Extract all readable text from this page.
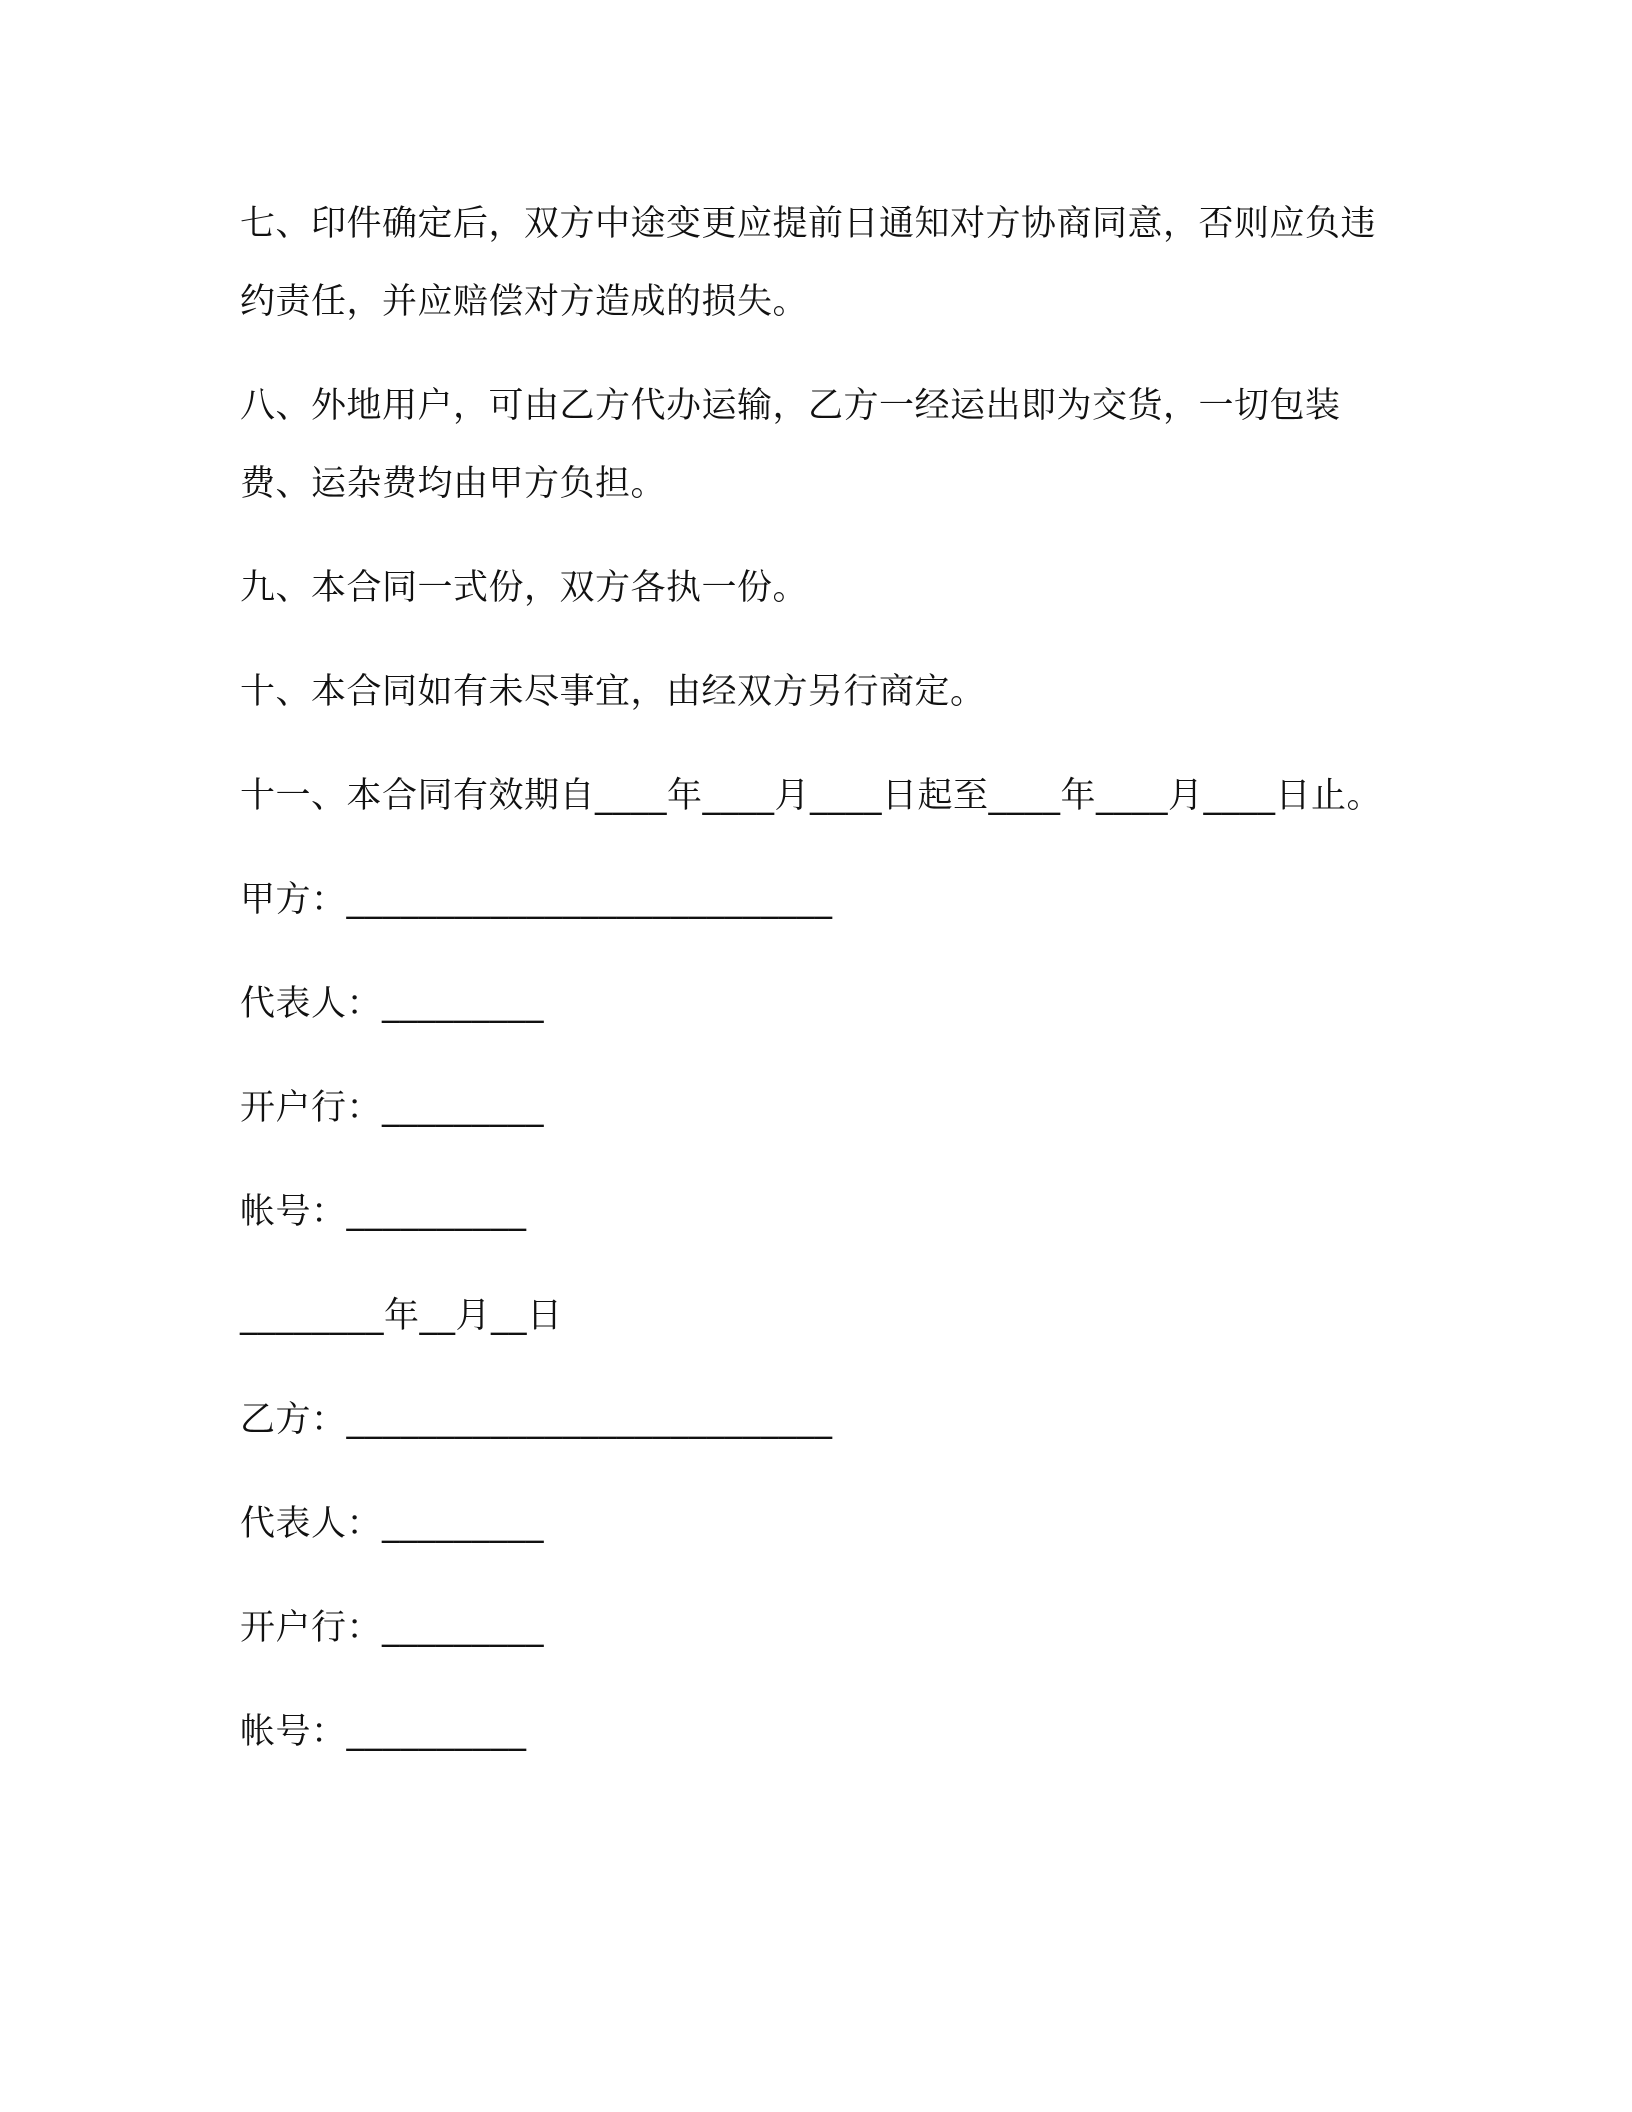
七、印件确定后，双方中途变更应提前日通知对方协商同意，否则应负违约责任，并应赔偿对方造成的损失。

八、外地用户，可由乙方代办运输，乙方一经运出即为交货，一切包装费、运杂费均由甲方负担。

九、本合同一式份，双方各执一份。

十、本合同如有未尽事宜，由经双方另行商定。

十一、本合同有效期自____年____月____日起至____年____月____日止。

甲方：___________________________

代表人：_________

开户行：_________

帐号：__________

________年__月__日

乙方：___________________________

代表人：_________

开户行：_________

帐号：__________
